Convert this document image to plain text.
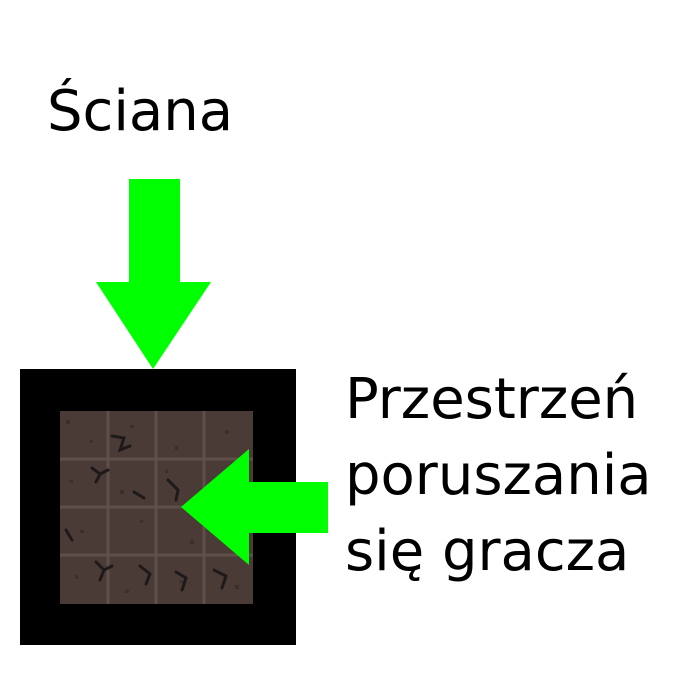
Ściana
Przestrzeń
poruszania
się gracza
